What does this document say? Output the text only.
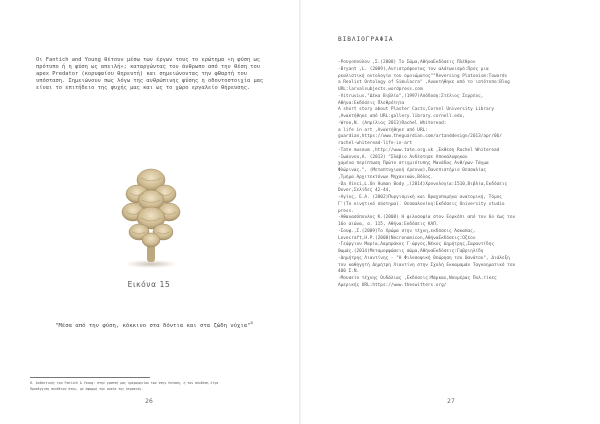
Οι Fantich and Young θέτουν μέσω των έργων τους το ερώτημα «η φύση ως πρότυπο ή η φύση ως απειλή»; καταργώντας τον άνθρωπο από την θέση του apex Predator (κορυφαίου θηρευτή) και σημειώνοντας την φθαρτή του υπόσταση. Σημειώνουν πως λόγω της ανθρώπινης φύσης η οδοντοστοιχία μας είναι το επιτήδειο της ψυχής μας και ως το χώρο εργαλείο θήρευσης.
Εικόνα 15
"Μέσα από την φύση, κόκκινο στα δόντια και στα ζώδη νύχια"$^8$
8. Ανθεκτικής του Fantich & Young: στην γραπτή μας ημερομηνίου των στην έκταση, ή τον σύνθεση λίγα
Προσέγγιση συνθέτου στην, με άφορμή την ουσία της κερασιάς.
26
ΒΙΒΛΙΟΓΡΑΦΙΑ
-Ρουγοπούλου ,Σ.(2008) Το Σώμα,ΑθήναΕκδόσεις Πλέθρον
-Bryant ,L. (2009),Αντιστρέφοντας τον αλάτωνισμό:Προς μια
ρεαλιστική οντολογία του ομοιώματος""Reversing Platonism:Towards
a Realist Ontology of Simulacra" ,Ανακτήθηκε από το ιστότοπο:Blog
URL:larvalsubjects.wordpress.com
-Vitruvius,"Δέκα Βιβλία",(1997)Απόδοση:Στέλιος Σερρέος,
Αθήνα:Εκδόσεις Πλεθρότητα
A short story about Plaster Casts,Cornel University Library
,Ανακτήθηκε από URL:gallery.library.cornell.edu,
-Wroe,N. (Απρίλιος 2013)Rachel Whiteread:
a life in art ,Ανακτήθηκε από URL:
guardian,https://www.theguardian.com/artanddesign/2013/apr/06/
rachel-whiteread-life-in-art
-Tate museum ,http://www.tate.org.uk ,Έκθεση Rachel Whiteread
-Ιωάννου,Α. (2013) "Σλάβιο Ανδέστησε Αποκάλυψηκαν
χαμένα περίπτωση Πρώτο στιγμιότυπης Μανάδας Ανθ/ρων Τάγμα
Φλώρινας.", (Μεταπτυχιακή έρευνα),Πανεπιστήμιο Θεσσαλίας
,Τμήμα Αρχιτεκτόνων Μηχανικών,Βόλος.
-Da Vinci,L.On Human Body ,(2014)Χρονολογία:1510,Βιβλία,Εκδόσεις
Dover,Σελίδες 42-44,
-Αγίος, Ε.Α. (2002)Πυργισμική και Βραχυπομήνα ανατομική, Τόμος
Γ'(Το κινητικό σύστημα). Θεσσαλονίκη:Εκδόσεις University studio
press.
-Αθανασόπουλος Κ.(2008) Η φιλοσοφία στον Εορκόπι από τον 6ο έως τον
16ο αιώνα, σ. 115, Αθήνα:Εκδόσεις ΚΑΠ.
-Σουφ.,Σ.(2009)Το Χρώμα στην τέχνη,εκδόσεις Άσκαπας,
Lovecraft,H.P.(2008)Necronomicon,ΑθήναΕκδόσεις:Οζέον
-Γεώργιου Μαρία,Λαμπράκος Γ-ώργος,Νέκος Δημήτρης,Σαραντίδης
Θωμάς.(2014)Μεταμορφώσεις σώμα,ΑθήναΕκδόσεις:Γαβριηλίδη
-Δημήτρης Λιαντίνης - "Η Φιλοσοφική Θεώρηση του Θανάτου", Διάλεξη
του καθηγητή Δημήτρη Λιαντίνη στην Σχολή Εκκαμαμάν Ταγκοηματικό του
400 Σ.Ν.
-Μουσείο τέχνης Ουδάλιας ,Εκδόσεις:Μάρκαν,Νουμέρας Πολ.τίκες
Αμερικής URL:https://www.theswitters.org/
27
